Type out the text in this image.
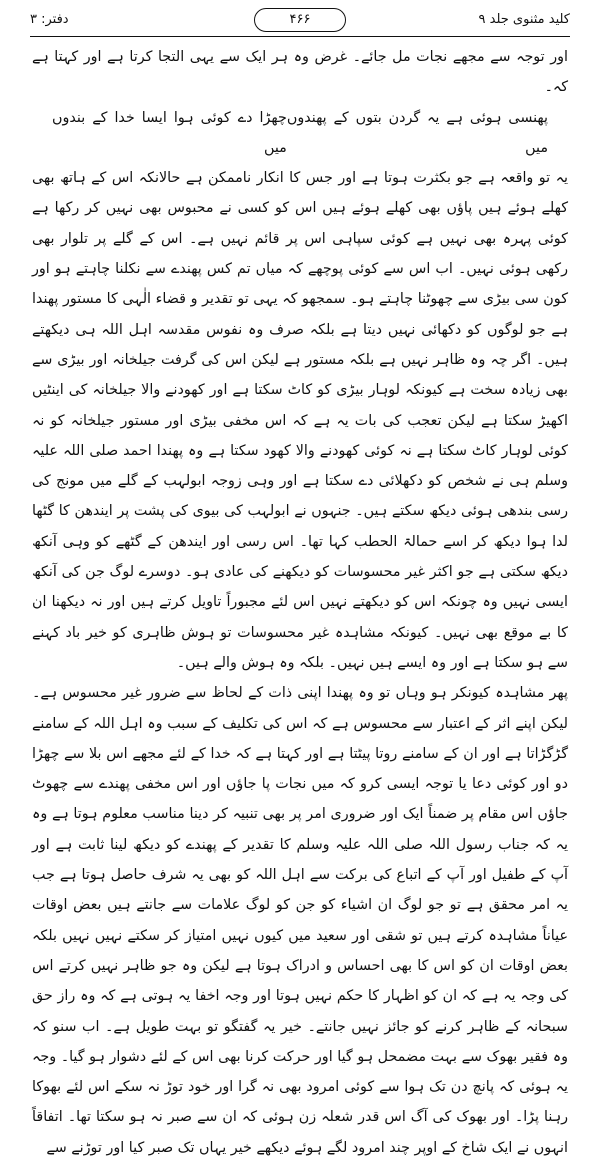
دفتر: ۳	۴۶۶	کلید مثنوی جلد ۹

اور توجہ سے مجھے نجات مل جائے۔ غرض وہ ہر ایک سے یہی التجا کرتا ہے اور کہتا ہے کہ۔

پھنسی ہوئی ہے یہ گردن بتوں کے پھندوں میں
چھڑا دے کوئی ہوا ایسا خدا کے بندوں میں

یہ تو واقعہ ہے جو بکثرت ہوتا ہے اور جس کا انکار ناممکن ہے حالانکہ اس کے ہاتھ بھی کھلے ہوئے ہیں پاؤں بھی کھلے ہوئے ہیں اس کو کسی نے محبوس بھی نہیں کر رکھا ہے کوئی پہرہ بھی نہیں ہے کوئی سپاہی اس پر قائم نہیں ہے۔ اس کے گلے پر تلوار بھی رکھی ہوئی نہیں۔ اب اس سے کوئی پوچھے کہ میاں تم کس پھندے سے نکلنا چاہتے ہو اور کون سی بیڑی سے چھوٹنا چاہتے ہو۔ سمجھو کہ یہی تو تقدیر و قضاء الٰہی کا مستور پھندا ہے جو لوگوں کو دکھائی نہیں دیتا ہے بلکہ صرف وہ نفوس مقدسہ اہل اللہ ہی دیکھتے ہیں۔ اگر چہ وہ ظاہر نہیں ہے بلکہ مستور ہے لیکن اس کی گرفت جیلخانہ اور بیڑی سے بھی زیادہ سخت ہے کیونکہ لوہار بیڑی کو کاٹ سکتا ہے اور کھودنے والا جیلخانہ کی اینٹیں اکھیڑ سکتا ہے لیکن تعجب کی بات یہ ہے کہ اس مخفی بیڑی اور مستور جیلخانہ کو نہ کوئی لوہار کاٹ سکتا ہے نہ کوئی کھودنے والا کھود سکتا ہے وہ پھندا احمد صلی اللہ علیہ وسلم ہی نے شخص کو دکھلائی دے سکتا ہے اور وہی زوجہ ابولہب کے گلے میں مونج کی رسی بندھی ہوئی دیکھ سکتے ہیں۔ جنہوں نے ابولہب کی بیوی کی پشت پر ایندھن کا گٹھا لدا ہوا دیکھ کر اسے حمالۃ الحطب کہا تھا۔ اس رسی اور ایندھن کے گٹھے کو وہی آنکھ دیکھ سکتی ہے جو اکثر غیر محسوسات کو دیکھنے کی عادی ہو۔ دوسرے لوگ جن کی آنکھ ایسی نہیں وہ چونکہ اس کو دیکھتے نہیں اس لئے مجبوراً تاویل کرتے ہیں اور نہ دیکھنا ان کا بے موقع بھی نہیں۔ کیونکہ مشاہدہ غیر محسوسات تو ہوش ظاہری کو خیر باد کہنے سے ہو سکتا ہے اور وہ ایسے ہیں نہیں۔ بلکہ وہ ہوش والے ہیں۔

پھر مشاہدہ کیونکر ہو وہاں تو وہ پھندا اپنی ذات کے لحاظ سے ضرور غیر محسوس ہے۔ لیکن اپنے اثر کے اعتبار سے محسوس ہے کہ اس کی تکلیف کے سبب وہ اہل اللہ کے سامنے گڑگڑاتا ہے اور ان کے سامنے روتا پیٹتا ہے اور کہتا ہے کہ خدا کے لئے مجھے اس بلا سے چھڑا دو اور کوئی دعا یا توجہ ایسی کرو کہ میں نجات پا جاؤں اور اس مخفی پھندے سے چھوٹ جاؤں اس مقام پر ضمناً ایک اور ضروری امر پر بھی تنبیہ کر دینا مناسب معلوم ہوتا ہے وہ یہ کہ جناب رسول اللہ صلی اللہ علیہ وسلم کا تقدیر کے پھندے کو دیکھ لینا ثابت ہے اور آپ کے طفیل اور آپ کے اتباع کی برکت سے اہل اللہ کو بھی یہ شرف حاصل ہوتا ہے جب یہ امر محقق ہے تو جو لوگ ان اشیاء کو جن کو لوگ علامات سے جانتے ہیں بعض اوقات عیاناً مشاہدہ کرتے ہیں تو شقی اور سعید میں کیوں نہیں امتیاز کر سکتے نہیں نہیں بلکہ بعض اوقات ان کو اس کا بھی احساس و ادراک ہوتا ہے لیکن وہ جو ظاہر نہیں کرتے اس کی وجہ یہ ہے کہ ان کو اظہار کا حکم نہیں ہوتا اور وجہ اخفا یہ ہوتی ہے کہ وہ راز حق سبحانہ کے ظاہر کرنے کو جائز نہیں جانتے۔ خیر یہ گفتگو تو بہت طویل ہے۔ اب سنو کہ وہ فقیر بھوک سے بہت مضمحل ہو گیا اور حرکت کرنا بھی اس کے لئے دشوار ہو گیا۔ وجہ یہ ہوئی کہ پانچ دن تک ہوا سے کوئی امرود بھی نہ گرا اور خود توڑ نہ سکے اس لئے بھوکا رہنا پڑا۔ اور بھوک کی آگ اس قدر شعلہ زن ہوئی کہ ان سے صبر نہ ہو سکتا تھا۔ اتفاقاً انہوں نے ایک شاخ کے اوپر چند امرود لگے ہوئے دیکھے خیر یہاں تک صبر کیا اور توڑنے سے
